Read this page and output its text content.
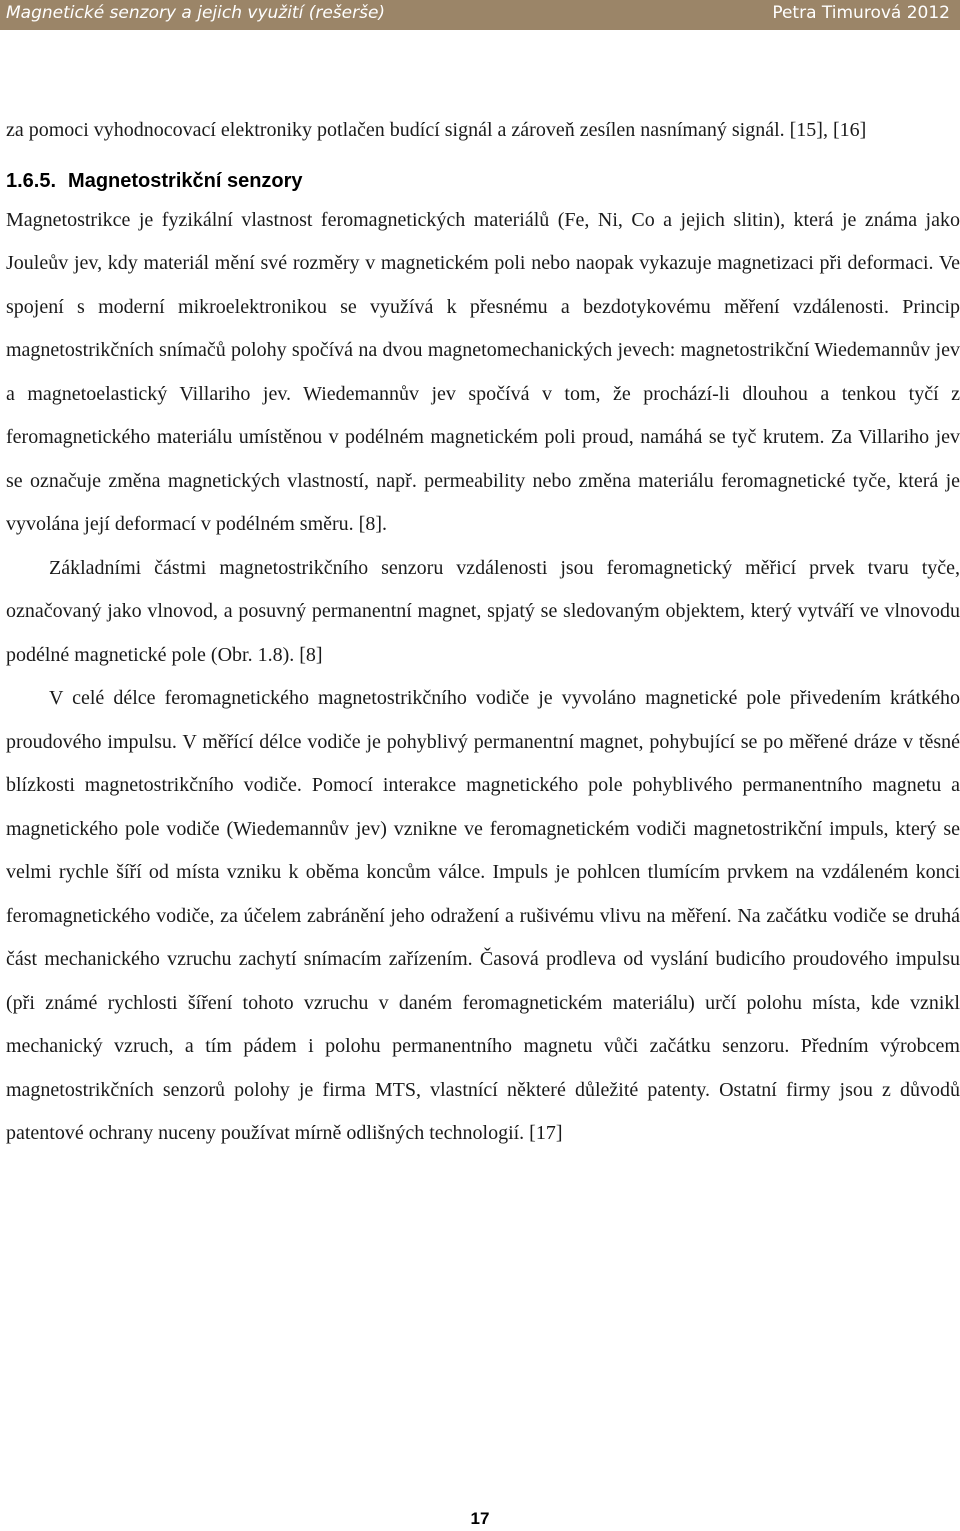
Magnetické senzory a jejich využití (rešerše)	Petra Timurová 2012

za pomoci vyhodnocovací elektroniky potlačen budící signál a zároveň zesílen nasnímaný signál. [15], [16]

1.6.5. Magnetostrikční senzory

Magnetostrikce je fyzikální vlastnost feromagnetických materiálů (Fe, Ni, Co a jejich slitin), která je známa jako Jouleův jev, kdy materiál mění své rozměry v magnetickém poli nebo naopak vykazuje magnetizaci při deformaci. Ve spojení s moderní mikroelektronikou se využívá k přesnému a bezdotykovému měření vzdálenosti. Princip magnetostrikčních snímačů polohy spočívá na dvou magnetomechanických jevech: magnetostrikční Wiedemannův jev a magnetoelastický Villariho jev. Wiedemannův jev spočívá v tom, že prochází-li dlouhou a tenkou tyčí z feromagnetického materiálu umístěnou v podélném magnetickém poli proud, namáhá se tyč krutem. Za Villariho jev se označuje změna magnetických vlastností, např. permeability nebo změna materiálu feromagnetické tyče, která je vyvolána její deformací v podélném směru. [8].

Základními částmi magnetostrikčního senzoru vzdálenosti jsou feromagnetický měřicí prvek tvaru tyče, označovaný jako vlnovod, a posuvný permanentní magnet, spjatý se sledovaným objektem, který vytváří ve vlnovodu podélné magnetické pole (Obr. 1.8). [8]

V celé délce feromagnetického magnetostrikčního vodiče je vyvoláno magnetické pole přivedením krátkého proudového impulsu. V měřící délce vodiče je pohyblivý permanentní magnet, pohybující se po měřené dráze v těsné blízkosti magnetostrikčního vodiče. Pomocí interakce magnetického pole pohyblivého permanentního magnetu a magnetického pole vodiče (Wiedemannův jev) vznikne ve feromagnetickém vodiči magnetostrikční impuls, který se velmi rychle šíří od místa vzniku k oběma koncům válce. Impuls je pohlcen tlumícím prvkem na vzdáleném konci feromagnetického vodiče, za účelem zabránění jeho odražení a rušivému vlivu na měření. Na začátku vodiče se druhá část mechanického vzruchu zachytí snímacím zařízením. Časová prodleva od vyslání budicího proudového impulsu (při známé rychlosti šíření tohoto vzruchu v daném feromagnetickém materiálu) určí polohu místa, kde vznikl mechanický vzruch, a tím pádem i polohu permanentního magnetu vůči začátku senzoru. Předním výrobcem magnetostrikčních senzorů polohy je firma MTS, vlastnící některé důležité patenty. Ostatní firmy jsou z důvodů patentové ochrany nuceny používat mírně odlišných technologií. [17]

17
